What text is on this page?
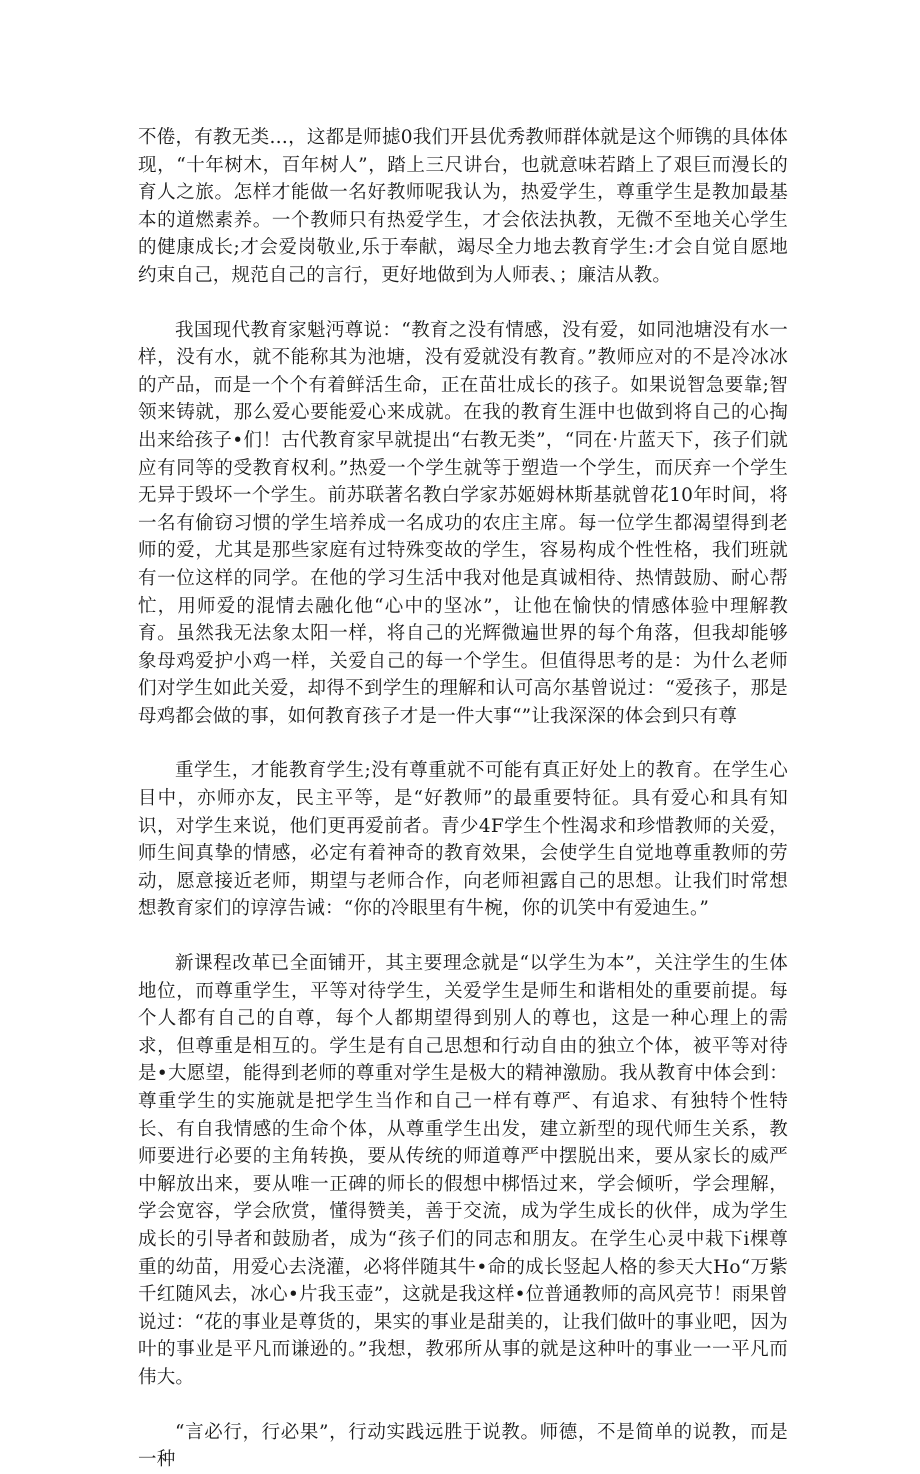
不倦，有教无类…，这都是师摅0我们开县优秀教师群体就是这个师镌的具体体现，“十年树木，百年树人”，踏上三尺讲台，也就意味若踏上了艰巨而漫长的育人之旅。怎样才能做一名好教师呢我认为，热爱学生，尊重学生是教加最基本的道燃素养。一个教师只有热爱学生，才会依法执教，无微不至地关心学生的健康成长;才会爱岗敬业,乐于奉献，竭尽全力地去教育学生:才会自觉自愿地约束自己，规范自己的言行，更好地做到为人师表、；廉洁从教。

我国现代教育家魁沔尊说：“教育之没有情感，没有爱，如同池塘没有水一样，没有水，就不能称其为池塘，没有爱就没有教育。”教师应对的不是冷冰冰的产品，而是一个个有着鲜活生命，正在苗壮成长的孩子。如果说智急要靠;智领来铸就，那么爱心要能爱心来成就。在我的教育生涯中也做到将自己的心掏出来给孩子•们！古代教育家早就提出“右教无类”，“同在·片蓝天下，孩子们就应有同等的受教育权利。”热爱一个学生就等于塑造一个学生，而厌弃一个学生无异于毁坏一个学生。前苏联著名教白学家苏姬姆林斯基就曾花10年时间，将一名有偷窃习惯的学生培养成一名成功的农庄主席。每一位学生都渴望得到老师的爱，尤其是那些家庭有过特殊变故的学生，容易构成个性性格，我们班就有一位这样的同学。在他的学习生活中我对他是真诚相待、热情鼓励、耐心帮忙，用师爱的混情去融化他“心中的坚冰”，让他在愉快的情感体验中理解教育。虽然我无法象太阳一样，将自己的光辉微遍世界的每个角落，但我却能够象母鸡爱护小鸡一样，关爱自己的每一个学生。但值得思考的是：为什么老师们对学生如此关爱，却得不到学生的理解和认可高尔基曾说过：“爱孩子，那是母鸡都会做的事，如何教育孩子才是一件大事“”让我深深的体会到只有尊

重学生，才能教育学生;没有尊重就不可能有真正好处上的教育。在学生心目中，亦师亦友，民主平等，是“好教师”的最重要特征。具有爱心和具有知识，对学生来说，他们更再爱前者。青少4F学生个性渴求和珍惜教师的关爱，师生间真挚的情感，必定有着神奇的教育效果，会使学生自觉地尊重教师的劳动，愿意接近老师，期望与老师合作，向老师袒露自己的思想。让我们时常想想教育家们的谆淳告诫：“你的冷眼里有牛椀，你的讥笑中有爱迪生。”

新课程改革已全面铺开，其主要理念就是“以学生为本”，关注学生的生体地位，而尊重学生，平等对待学生，关爱学生是师生和谐相处的重要前提。每个人都有自己的自尊，每个人都期望得到别人的尊也，这是一种心理上的需求，但尊重是相互的。学生是有自己思想和行动自由的独立个体，被平等对待是•大愿望，能得到老师的尊重对学生是极大的精神激励。我从教育中体会到：尊重学生的实施就是把学生当作和自己一样有尊严、有追求、有独特个性特长、有自我情感的生命个体，从尊重学生出发，建立新型的现代师生关系，教师要进行必要的主角转换，要从传统的师道尊严中摆脱出来，要从家长的威严中解放出来，要从唯一正碑的师长的假想中梆悟过来，学会倾听，学会理解，学会宽容，学会欣赏，懂得赞美，善于交流，成为学生成长的伙伴，成为学生成长的引导者和鼓励者，成为“孩子们的同志和朋友。在学生心灵中栽下i棵尊重的幼苗，用爱心去浇灌，必将伴随其牛•命的成长竖起人格的参天大Ho“万紫千红随风去，冰心•片我玉壶”，这就是我这样•位普通教师的高风亮节！雨果曾说过：“花的事业是尊货的，果实的事业是甜美的，让我们做叶的事业吧，因为叶的事业是平凡而谦逊的。”我想，教邪所从事的就是这种叶的事业一一平凡而伟大。

“言必行，行必果”，行动实践远胜于说教。师德，不是简单的说教，而是一种
